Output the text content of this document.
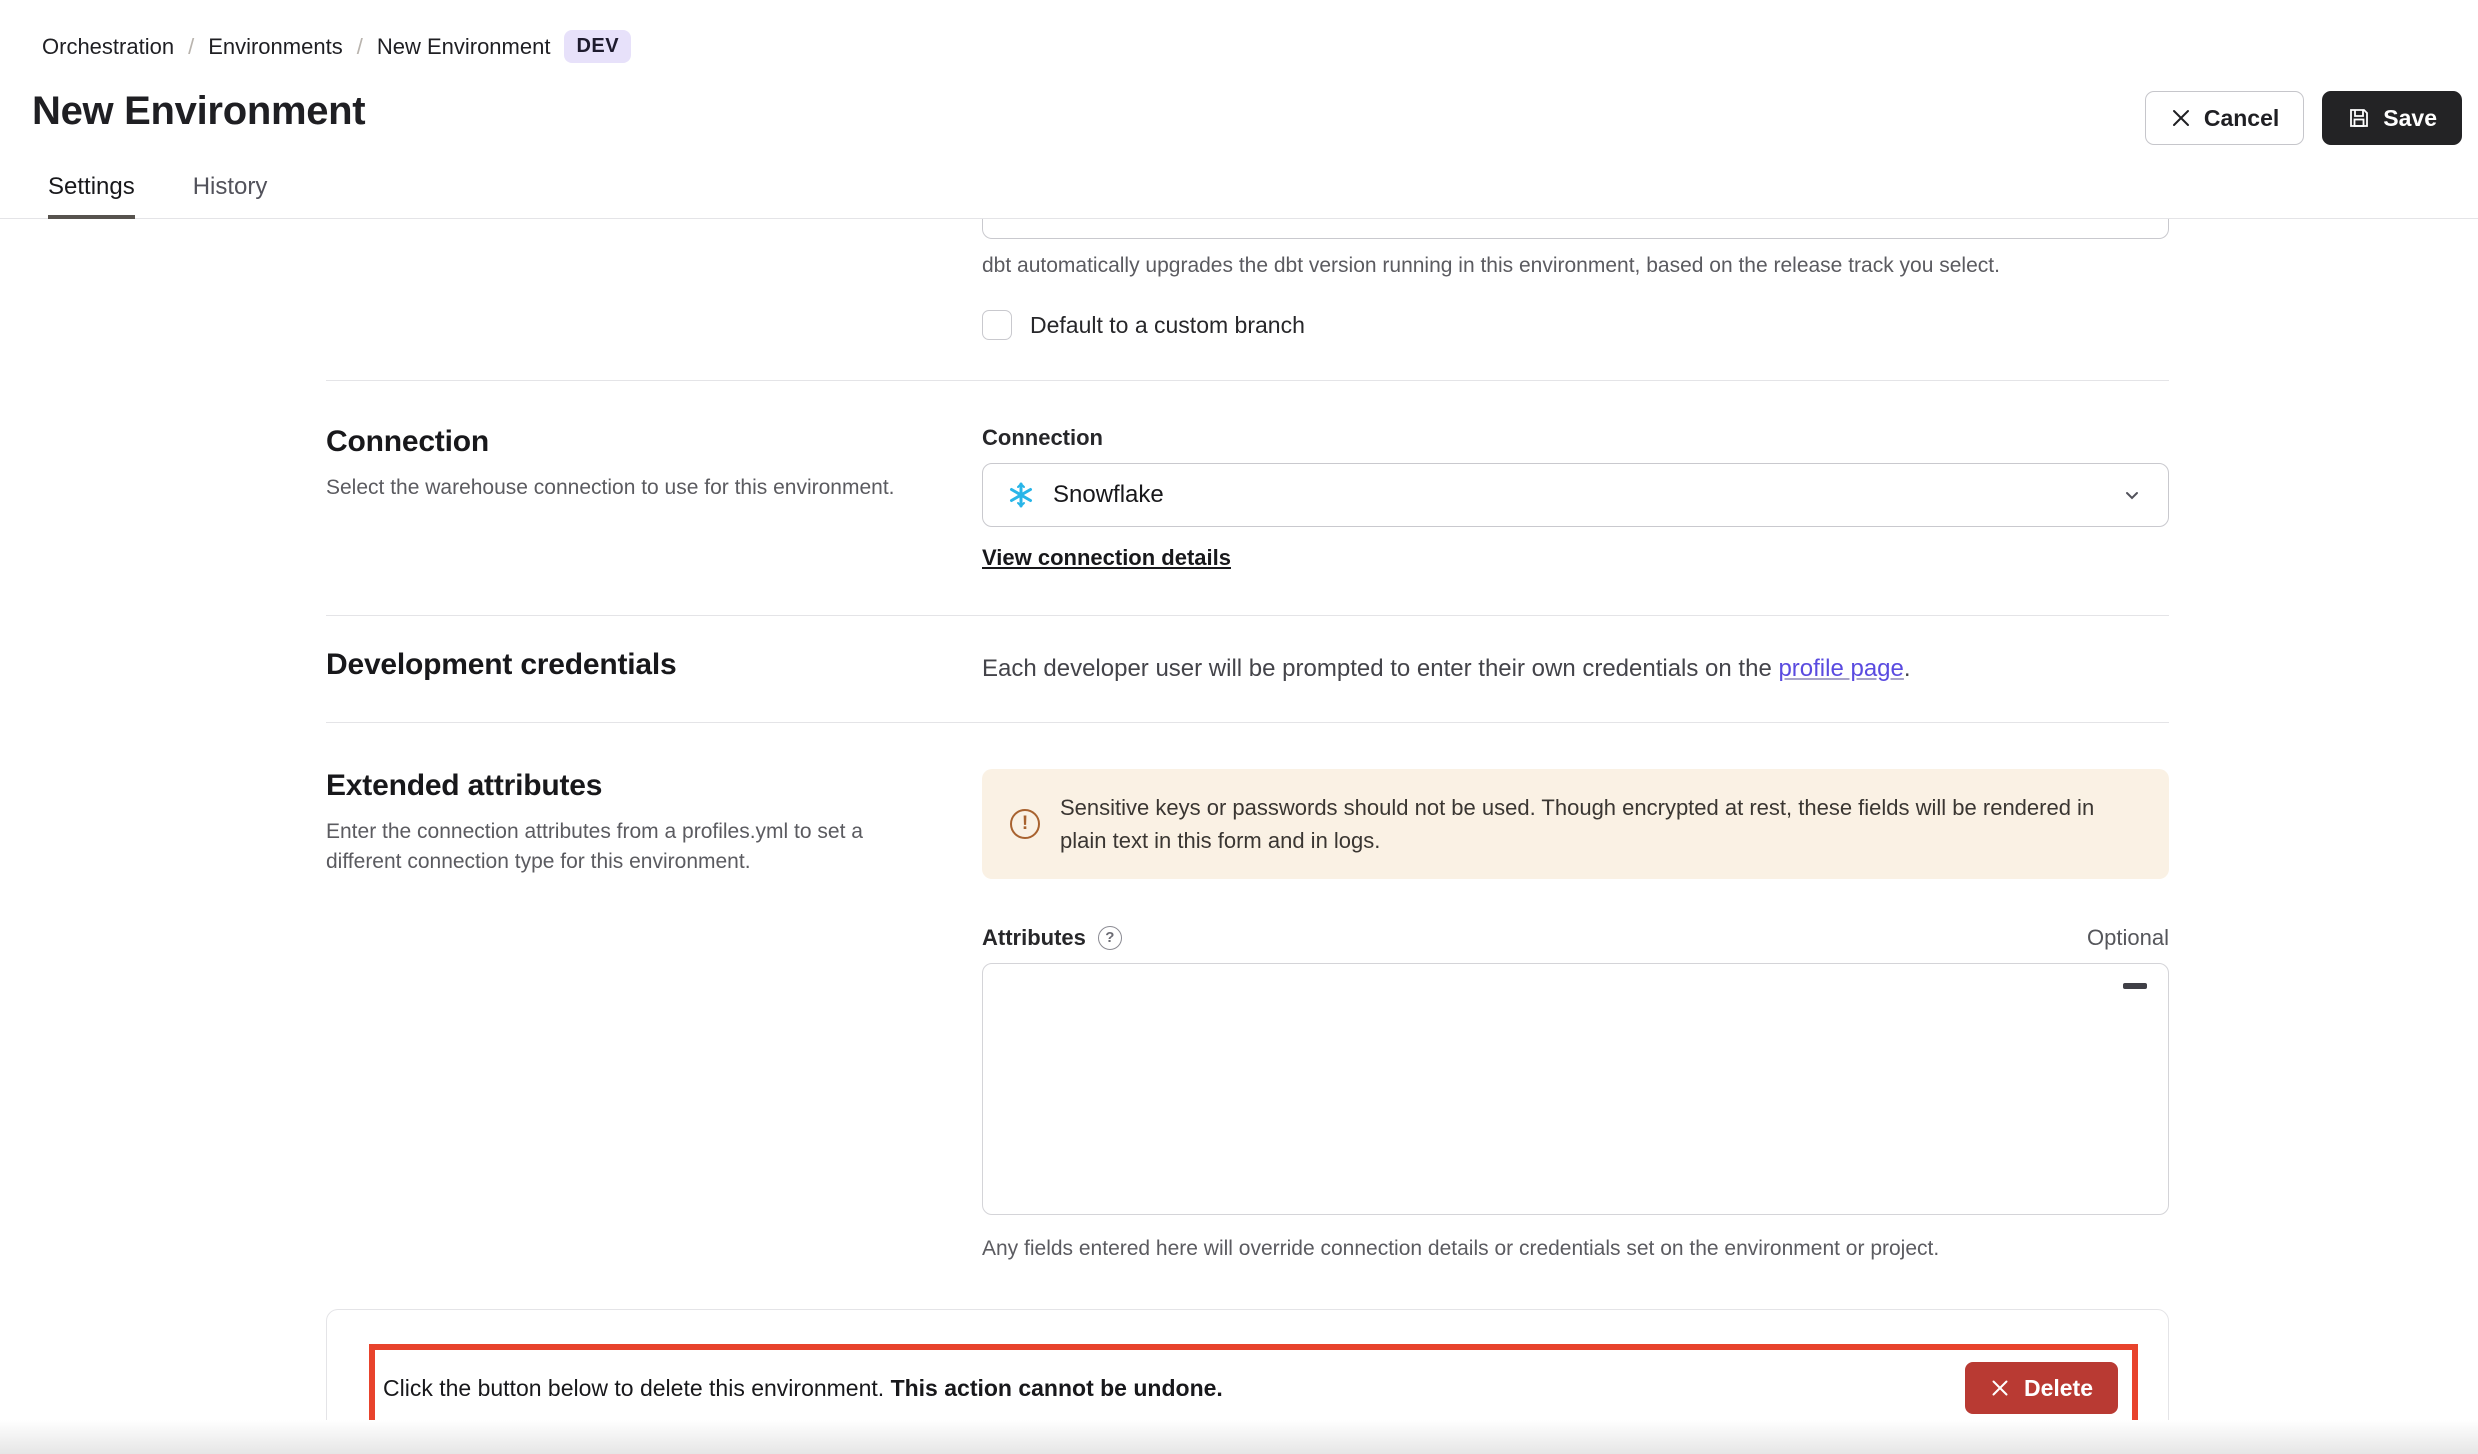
Orchestration / Environments / New Environment	DEV
New Environment	Cancel	Save
Settings History
dbt automatically upgrades the dbt version running in this environment, based on the release track you select.
Default to a custom branch
Connection

Select the warehouse connection to use for this environment.

Connection
Snowflake
View connection details
Development credentials	Each developer user will be prompted to enter their own credentials on the profile page.

Extended attributes

Enter the connection attributes from a profiles.yml to set a different connection type for this environment.

!
Sensitive keys or passwords should not be used. Though encrypted at rest, these fields will be rendered in plain text in this form and in logs.
Attributes	?	Optional
Any fields entered here will override connection details or credentials set on the environment or project.
Click the button below to delete this environment. This action cannot be undone.	Delete
